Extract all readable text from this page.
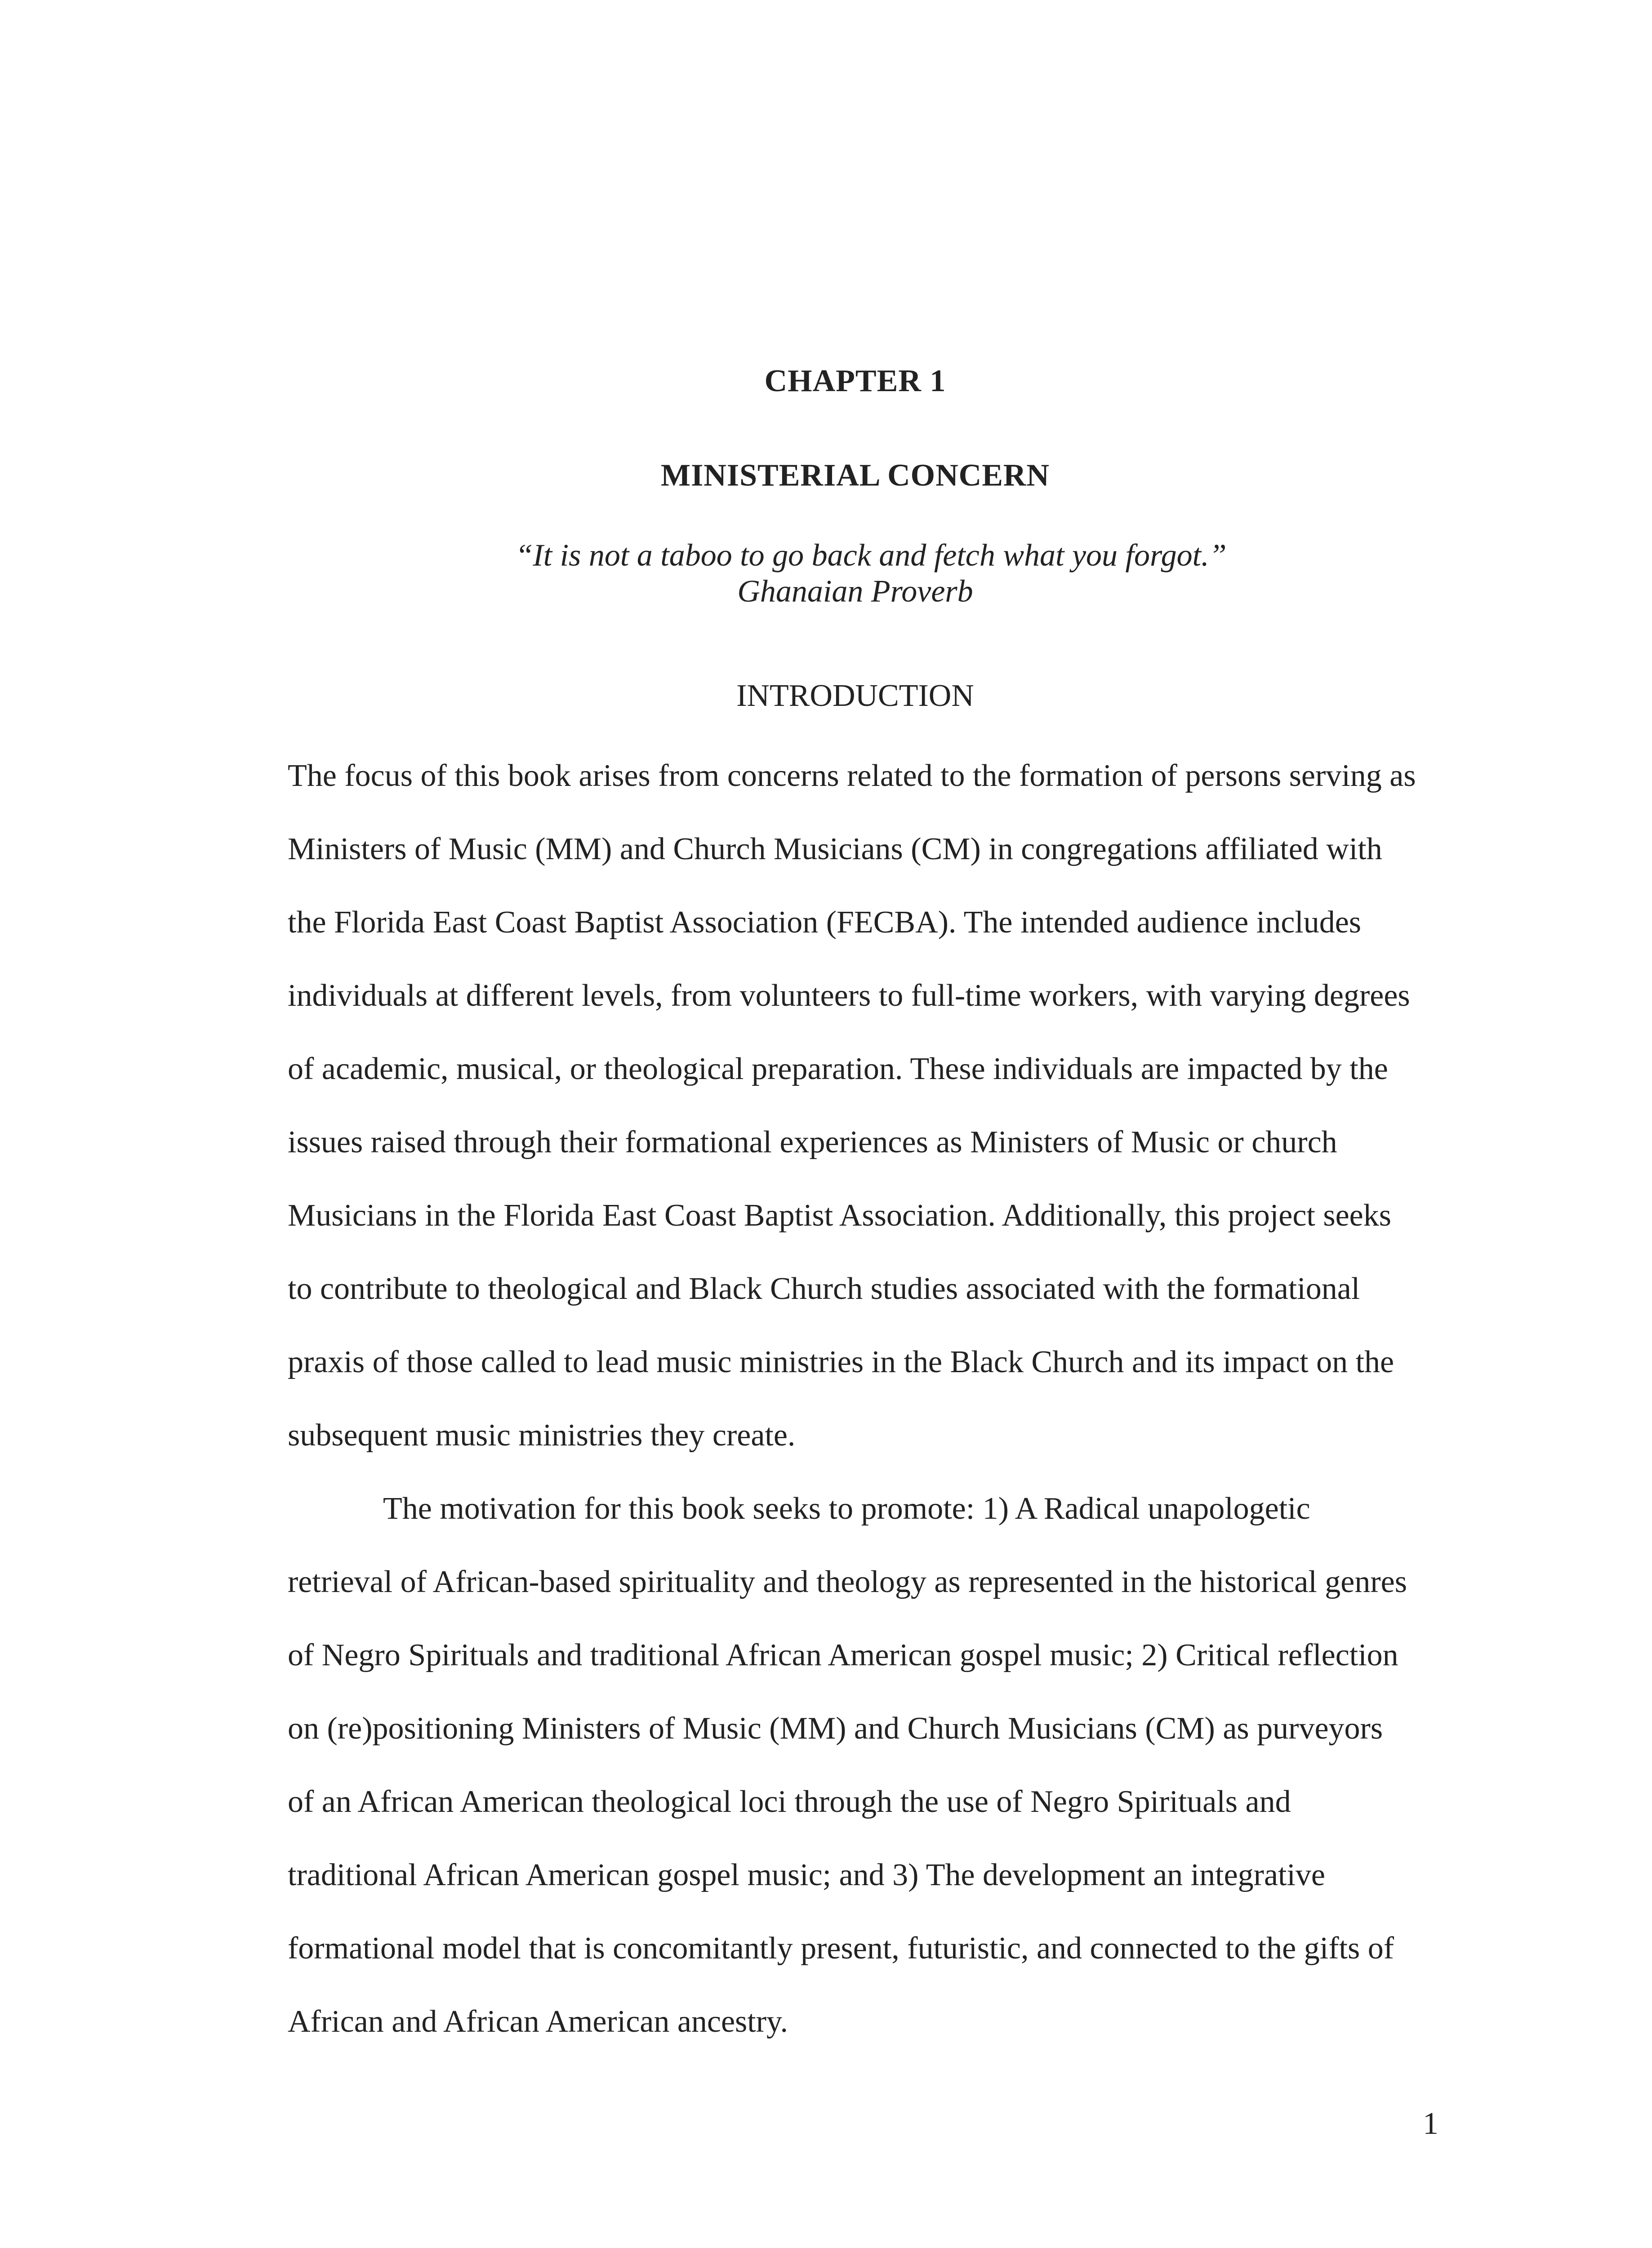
CHAPTER 1
MINISTERIAL CONCERN
“It is not a taboo to go back and fetch what you forgot.”
Ghanaian Proverb
INTRODUCTION
The focus of this book arises from concerns related to the formation of persons serving as
Ministers of Music (MM) and Church Musicians (CM) in congregations affiliated with
the Florida East Coast Baptist Association (FECBA). The intended audience includes
individuals at different levels, from volunteers to full-time workers, with varying degrees
of academic, musical, or theological preparation. These individuals are impacted by the
issues raised through their formational experiences as Ministers of Music or church
Musicians in the Florida East Coast Baptist Association. Additionally, this project seeks
to contribute to theological and Black Church studies associated with the formational
praxis of those called to lead music ministries in the Black Church and its impact on the
subsequent music ministries they create.
The motivation for this book seeks to promote: 1) A Radical unapologetic
retrieval of African-based spirituality and theology as represented in the historical genres
of Negro Spirituals and traditional African American gospel music; 2) Critical reflection
on (re)positioning Ministers of Music (MM) and Church Musicians (CM) as purveyors
of an African American theological loci through the use of Negro Spirituals and
traditional African American gospel music; and 3) The development an integrative
formational model that is concomitantly present, futuristic, and connected to the gifts of
African and African American ancestry.
1
